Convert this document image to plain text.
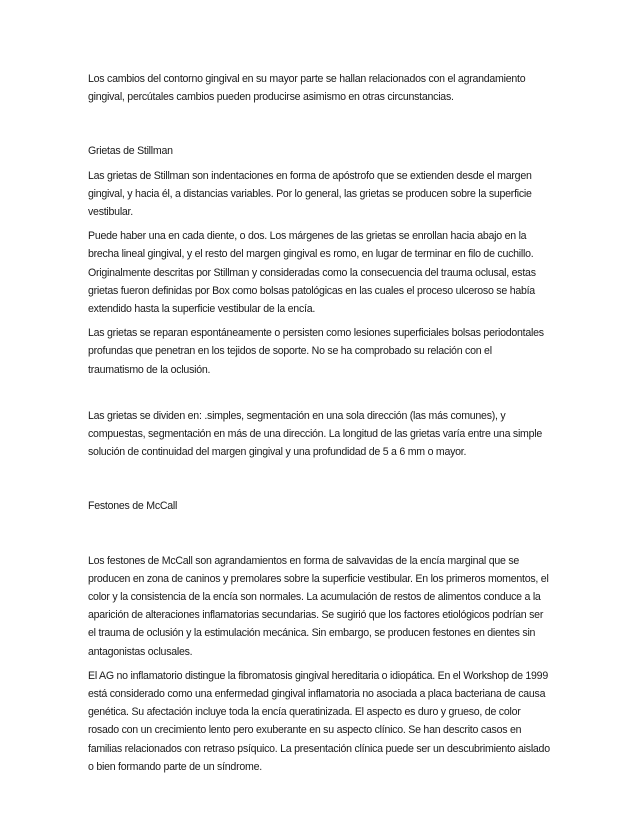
Los cambios del contorno gingival en su mayor parte se hallan relacionados con el agrandamiento gingival, percútales cambios pueden producirse asimismo en otras circunstancias.

Grietas de Stillman

Las grietas de Stillman son indentaciones en forma de apóstrofo que se extienden desde el margen gingival, y hacia él, a distancias variables. Por lo general, las grietas se producen sobre la superficie vestibular.

Puede haber una en cada diente, o dos. Los márgenes de las grietas se enrollan hacia abajo en la brecha lineal gingival, y el resto del margen gingival es romo, en lugar de terminar en filo de cuchillo. Originalmente descritas por Stillman y consideradas como la consecuencia del trauma oclusal, estas grietas fueron definidas por Box como bolsas patológicas en las cuales el proceso ulceroso se había extendido hasta la superficie vestibular de la encía.

Las grietas se reparan espontáneamente o persisten como lesiones superficiales bolsas periodontales profundas que penetran en los tejidos de soporte. No se ha comprobado su relación con el traumatismo de la oclusión.

Las grietas se dividen en: .simples, segmentación en una sola dirección (las más comunes), y compuestas, segmentación en más de una dirección. La longitud de las grietas varía entre una simple solución de continuidad del margen gingival y una profundidad de 5 a 6 mm o mayor.

Festones de McCall

Los festones de McCall son agrandamientos en forma de salvavidas de la encía marginal que se producen en zona de caninos y premolares sobre la superficie vestibular. En los primeros momentos, el color y la consistencia de la encía son normales. La acumulación de restos de alimentos conduce a la aparición de alteraciones inflamatorias secundarias. Se sugirió que los factores etiológicos podrían ser el trauma de oclusión y la estimulación mecánica. Sin embargo, se producen festones en dientes sin antagonistas oclusales.

El AG no inflamatorio distingue la fibromatosis gingival hereditaria o idiopática. En el Workshop de 1999 está considerado como una enfermedad gingival inflamatoria no asociada a placa bacteriana de causa genética. Su afectación incluye toda la encía queratinizada. El aspecto es duro y grueso, de color rosado con un crecimiento lento pero exuberante en su aspecto clínico. Se han descrito casos en familias relacionados con retraso psíquico. La presentación clínica puede ser un descubrimiento aislado o bien formando parte de un síndrome.
